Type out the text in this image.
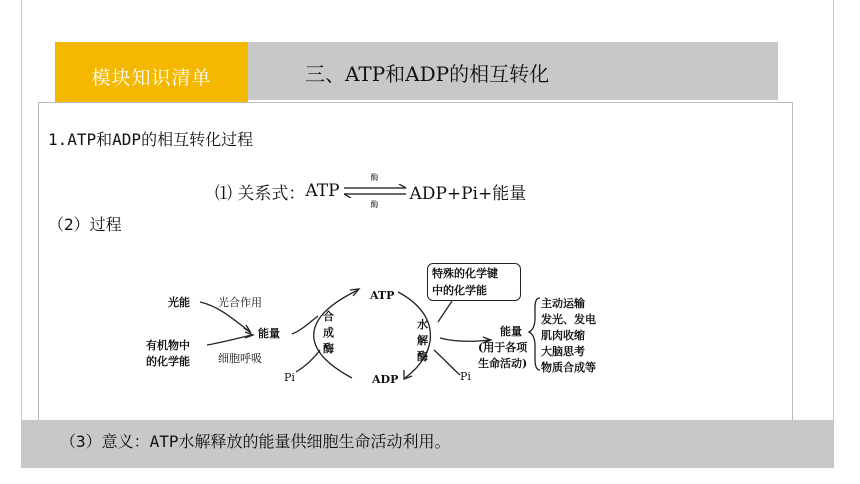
模块知识清单	三、ATP和ADP的相互转化
1.ATP和ADP的相互转化过程
⑴ 关系式： ATP
酶
酶
ADP+Pi+能量
（2）过程
光能	光合作用
能量
有机物中
的化学能	细胞呼吸
Pi
合
成
酶
ATP
ADP
水
解
酶
Pi
特殊的化学键
中的化学能
能量
(用于各项
生命活动)
主动运输
发光、发电
肌肉收缩
大脑思考
物质合成等
（3）意义：ATP水解释放的能量供细胞生命活动利用。
